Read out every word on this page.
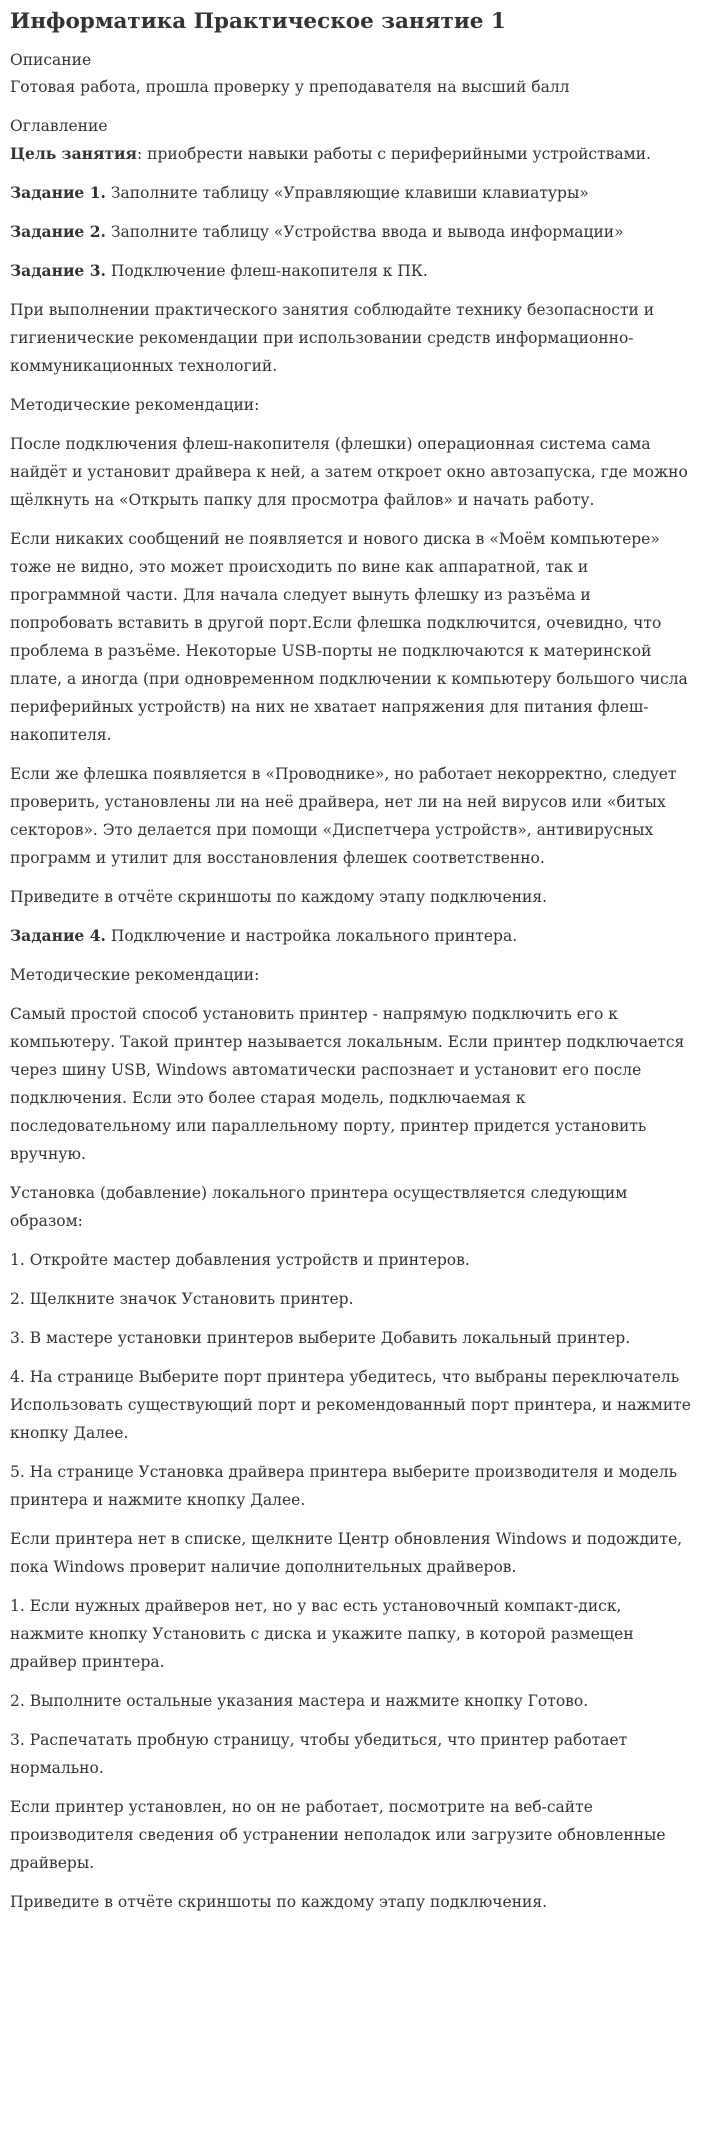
Информатика Практическое занятие 1
Описание
Готовая работа, прошла проверку у преподавателя на высший балл
Оглавление

Цель занятия: приобрести навыки работы с периферийными устройствами.

Задание 1. Заполните таблицу «Управляющие клавиши клавиатуры»

Задание 2. Заполните таблицу «Устройства ввода и вывода информации»

Задание 3. Подключение флеш-накопителя к ПК.

При выполнении практического занятия соблюдайте технику безопасности и гигиенические рекомендации при использовании средств информационно-коммуникационных технологий.

Методические рекомендации:

После подключения флеш-накопителя (флешки) операционная система сама найдёт и установит драйвера к ней, а затем откроет окно автозапуска, где можно щёлкнуть на «Открыть папку для просмотра файлов» и начать работу.

Если никаких сообщений не появляется и нового диска в «Моём компьютере» тоже не видно, это может происходить по вине как аппаратной, так и программной части. Для начала следует вынуть флешку из разъёма и попробовать вставить в другой порт.Если флешка подключится, очевидно, что проблема в разъёме. Некоторые USB-порты не подключаются к материнской плате, а иногда (при одновременном подключении к компьютеру большого числа периферийных устройств) на них не хватает напряжения для питания флеш-накопителя.

Если же флешка появляется в «Проводнике», но работает некорректно, следует проверить, установлены ли на неё драйвера, нет ли на ней вирусов или «битых секторов». Это делается при помощи «Диспетчера устройств», антивирусных программ и утилит для восстановления флешек соответственно.

Приведите в отчёте скриншоты по каждому этапу подключения.

Задание 4. Подключение и настройка локального принтера.

Методические рекомендации:

Самый простой способ установить принтер - напрямую подключить его к компьютеру. Такой принтер называется локальным. Если принтер подключается через шину USB, Windows автоматически распознает и установит его после подключения. Если это более старая модель, подключаемая к последовательному или параллельному порту, принтер придется установить вручную.

Установка (добавление) локального принтера осуществляется следующим образом:

1. Откройте мастер добавления устройств и принтеров.

2. Щелкните значок Установить принтер.

3. В мастере установки принтеров выберите Добавить локальный принтер.

4. На странице Выберите порт принтера убедитесь, что выбраны переключатель Использовать существующий порт и рекомендованный порт принтера, и нажмите кнопку Далее.

5. На странице Установка драйвера принтера выберите производителя и модель принтера и нажмите кнопку Далее.

Если принтера нет в списке, щелкните Центр обновления Windows и подождите, пока Windows проверит наличие дополнительных драйверов.

1. Если нужных драйверов нет, но у вас есть установочный компакт-диск, нажмите кнопку Установить с диска и укажите папку, в которой размещен драйвер принтера.

2. Выполните остальные указания мастера и нажмите кнопку Готово.

3. Распечатать пробную страницу, чтобы убедиться, что принтер работает нормально.

Если принтер установлен, но он не работает, посмотрите на веб-сайте производителя сведения об устранении неполадок или загрузите обновленные драйверы.

Приведите в отчёте скриншоты по каждому этапу подключения.
